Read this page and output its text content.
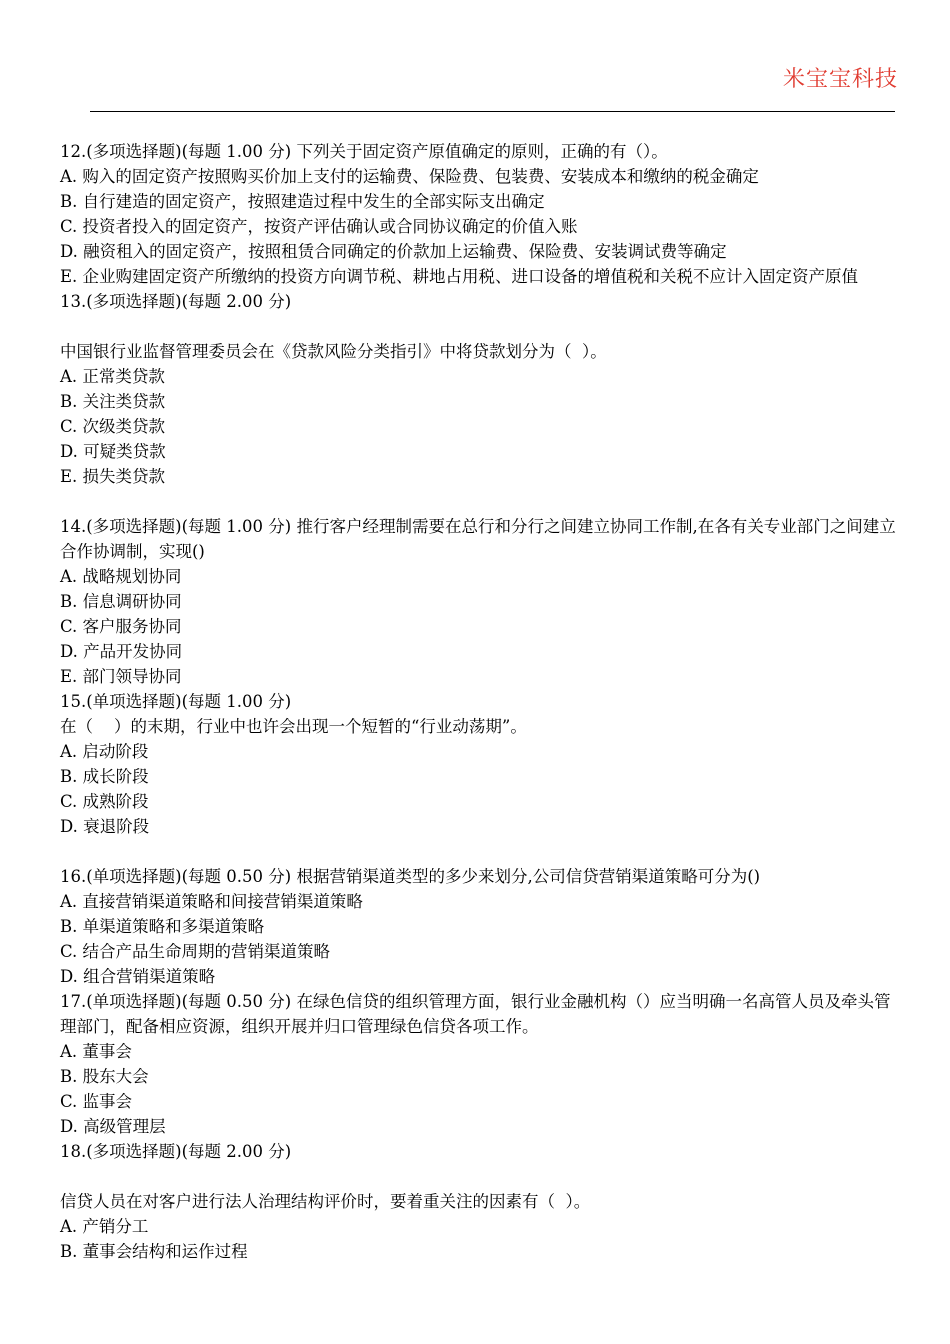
米宝宝科技

12.(多项选择题)(每题 1.00 分) 下列关于固定资产原值确定的原则，正确的有（）。

A. 购入的固定资产按照购买价加上支付的运输费、保险费、包装费、安装成本和缴纳的税金确定

B. 自行建造的固定资产，按照建造过程中发生的全部实际支出确定

C. 投资者投入的固定资产，按资产评估确认或合同协议确定的价值入账

D. 融资租入的固定资产，按照租赁合同确定的价款加上运输费、保险费、安装调试费等确定

E. 企业购建固定资产所缴纳的投资方向调节税、耕地占用税、进口设备的增值税和关税不应计入固定资产原值

13.(多项选择题)(每题 2.00 分)

中国银行业监督管理委员会在《贷款风险分类指引》中将贷款划分为（  ）。

A. 正常类贷款

B. 关注类贷款

C. 次级类贷款

D. 可疑类贷款

E. 损失类贷款

14.(多项选择题)(每题 1.00 分) 推行客户经理制需要在总行和分行之间建立协同工作制,在各有关专业部门之间建立合作协调制，实现()

A. 战略规划协同

B. 信息调研协同

C. 客户服务协同

D. 产品开发协同

E. 部门领导协同

15.(单项选择题)(每题 1.00 分)

在（    ）的末期，行业中也许会出现一个短暂的“行业动荡期”。

A. 启动阶段

B. 成长阶段

C. 成熟阶段

D. 衰退阶段

16.(单项选择题)(每题 0.50 分) 根据营销渠道类型的多少来划分,公司信贷营销渠道策略可分为()

A. 直接营销渠道策略和间接营销渠道策略

B. 单渠道策略和多渠道策略

C. 结合产品生命周期的营销渠道策略

D. 组合营销渠道策略

17.(单项选择题)(每题 0.50 分) 在绿色信贷的组织管理方面，银行业金融机构（）应当明确一名高管人员及牵头管理部门，配备相应资源，组织开展并归口管理绿色信贷各项工作。

A. 董事会

B. 股东大会

C. 监事会

D. 高级管理层

18.(多项选择题)(每题 2.00 分)

信贷人员在对客户进行法人治理结构评价时，要着重关注的因素有（  ）。

A. 产销分工

B. 董事会结构和运作过程
